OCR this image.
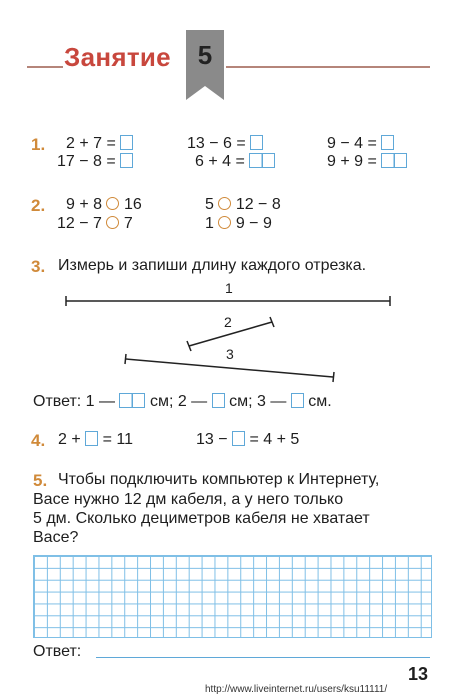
Занятие	5
1. 2 + 7 =
17 − 8 =
13 − 6 =
6 + 4 =
9 − 4 =
9 + 9 =
2. 9 + 8 16
12 − 7 7
5 12 − 8
1 9 − 9
3. Измерь и запиши длину каждого отрезка.
1
2
3
Ответ: 1 — см; 2 — см; 3 — см.
4. 2 + = 11	13 − = 4 + 5
5. Чтобы подключить компьютер к Интернету,
Васе нужно 12 дм кабеля, а у него только
5 дм. Сколько дециметров кабеля не хватает
Васе?
Ответ:
13
http://www.liveinternet.ru/users/ksu11111/
